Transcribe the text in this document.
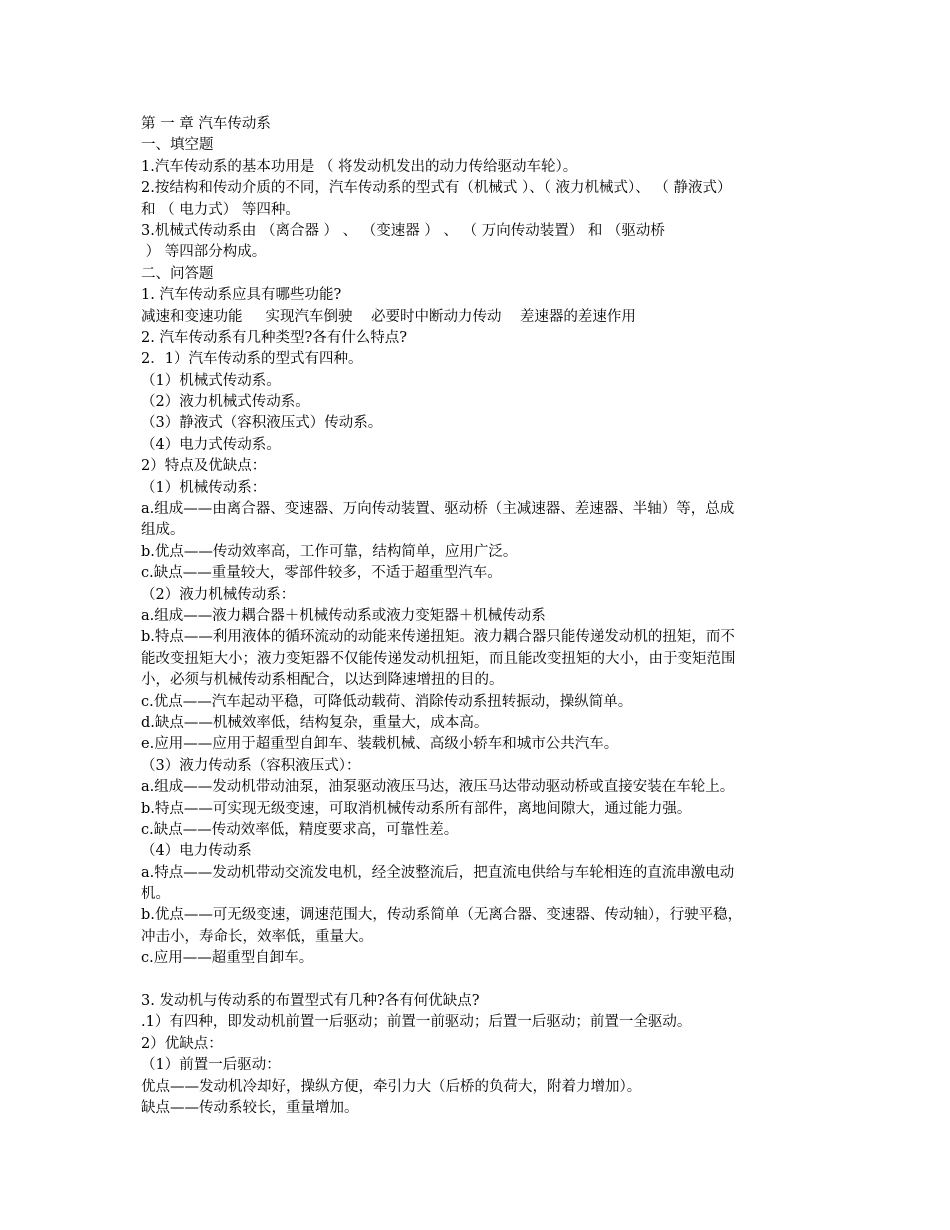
第 一 章 汽车传动系
一、填空题
1.汽车传动系的基本功用是 （ 将发动机发出的动力传给驱动车轮）。
2.按结构和传动介质的不同，汽车传动系的型式有（机械式 ）、（ 液力机械式）、 （ 静液式）
和 （ 电力式） 等四种。
3.机械式传动系由 （离合器 ） 、 （变速器 ） 、 （ 万向传动装置） 和 （驱动桥
） 等四部分构成。
二、问答题
1. 汽车传动系应具有哪些功能?
减速和变速功能     实现汽车倒驶    必要时中断动力传动    差速器的差速作用
2. 汽车传动系有几种类型?各有什么特点?
2．1）汽车传动系的型式有四种。
（1）机械式传动系。
（2）液力机械式传动系。
（3）静液式（容积液压式）传动系。
（4）电力式传动系。
2）特点及优缺点：
（1）机械传动系：
a.组成——由离合器、变速器、万向传动装置、驱动桥（主减速器、差速器、半轴）等，总成
组成。
b.优点——传动效率高，工作可靠，结构简单，应用广泛。
c.缺点——重量较大，零部件较多，不适于超重型汽车。
（2）液力机械传动系：
a.组成——液力耦合器＋机械传动系或液力变矩器＋机械传动系
b.特点——利用液体的循环流动的动能来传递扭矩。液力耦合器只能传递发动机的扭矩，而不
能改变扭矩大小；液力变矩器不仅能传递发动机扭矩，而且能改变扭矩的大小，由于变矩范围
小，必须与机械传动系相配合，以达到降速增扭的目的。
c.优点——汽车起动平稳，可降低动载荷、消除传动系扭转振动，操纵简单。
d.缺点——机械效率低，结构复杂，重量大，成本高。
e.应用——应用于超重型自卸车、装载机械、高级小轿车和城市公共汽车。
（3）液力传动系（容积液压式）：
a.组成——发动机带动油泵，油泵驱动液压马达，液压马达带动驱动桥或直接安装在车轮上。
b.特点——可实现无级变速，可取消机械传动系所有部件，离地间隙大，通过能力强。
c.缺点——传动效率低，精度要求高，可靠性差。
（4）电力传动系
a.特点——发动机带动交流发电机，经全波整流后，把直流电供给与车轮相连的直流串激电动
机。
b.优点——可无级变速，调速范围大，传动系简单（无离合器、变速器、传动轴），行驶平稳，
冲击小，寿命长，效率低，重量大。
c.应用——超重型自卸车。
3. 发动机与传动系的布置型式有几种?各有何优缺点?
.1）有四种，即发动机前置一后驱动；前置一前驱动；后置一后驱动；前置一全驱动。
2）优缺点：
（1）前置一后驱动：
优点——发动机冷却好，操纵方便，牵引力大（后桥的负荷大，附着力增加）。
缺点——传动系较长，重量增加。
